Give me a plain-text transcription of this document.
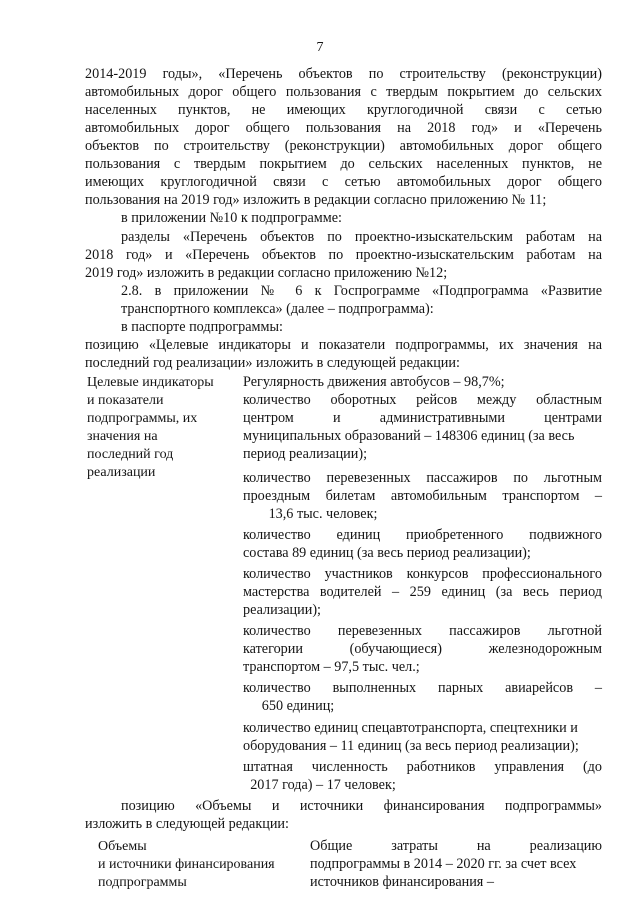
7
2014-2019 годы», «Перечень объектов по строительству (реконструкции)
автомобильных дорог общего пользования с твердым покрытием до сельских
населенных пунктов, не имеющих круглогодичной связи с сетью
автомобильных дорог общего пользования на 2018 год» и «Перечень
объектов по строительству (реконструкции) автомобильных дорог общего
пользования с твердым покрытием до сельских населенных пунктов, не
имеющих круглогодичной связи с сетью автомобильных дорог общего
пользования на 2019 год» изложить в редакции согласно приложению № 11;
в приложении №10 к подпрограмме:
разделы «Перечень объектов по проектно-изыскательским работам на
2018 год» и «Перечень объектов по проектно-изыскательским работам на
2019 год» изложить в редакции согласно приложению №12;
2.8. в приложении № 6 к Госпрограмме «Подпрограмма «Развитие
транспортного комплекса» (далее – подпрограмма):
в паспорте подпрограммы:
позицию «Целевые индикаторы и показатели подпрограммы, их значения на
последний год реализации» изложить в следующей редакции:
Целевые индикаторы
и показатели
подпрограммы, их
значения на
последний год
реализации
Регулярность движения автобусов – 98,7%;
количество оборотных рейсов между областным
центром и административными центрами
муниципальных образований – 148306 единиц (за весь
период реализации);
количество перевезенных пассажиров по льготным
проездным билетам автомобильным транспортом –
13,6 тыс. человек;
количество единиц приобретенного подвижного
состава 89 единиц (за весь период реализации);
количество участников конкурсов профессионального
мастерства водителей – 259 единиц (за весь период
реализации);
количество перевезенных пассажиров льготной
категории (обучающиеся) железнодорожным
транспортом – 97,5 тыс. чел.;
количество выполненных парных авиарейсов –
650 единиц;
количество единиц спецавтотранспорта, спецтехники и
оборудования – 11 единиц (за весь период реализации);
штатная численность работников управления (до
2017 года) – 17 человек;
позицию «Объемы и источники финансирования подпрограммы»
изложить в следующей редакции:
Объемы
и источники финансирования
подпрограммы
Общие затраты на реализацию
подпрограммы в 2014 – 2020 гг. за счет всех
источников финансирования –
